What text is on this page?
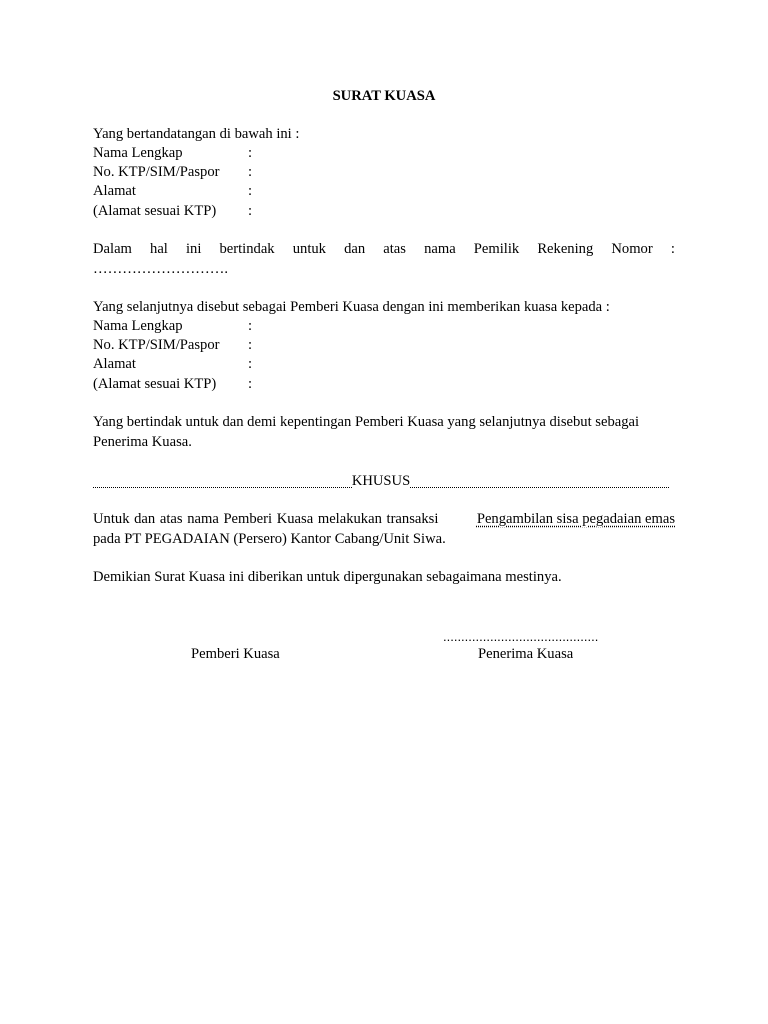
SURAT KUASA
Yang bertandatangan di bawah ini :
Nama Lengkap	:
No. KTP/SIM/Paspor :
Alamat	:
(Alamat sesuai KTP) :
Dalam hal ini bertindak untuk dan atas nama Pemilik Rekening Nomor :
……………………….
Yang selanjutnya disebut sebagai Pemberi Kuasa dengan ini memberikan kuasa kepada :
Nama Lengkap	:
No. KTP/SIM/Paspor :
Alamat	:
(Alamat sesuai KTP) :
Yang bertindak untuk dan demi kepentingan Pemberi Kuasa yang selanjutnya disebut sebagai
Penerima Kuasa.
KHUSUS
Untuk dan atas nama Pemberi Kuasa melakukan transaksi	Pengambilan sisa pegadaian emas
pada PT PEGADAIAN (Persero) Kantor Cabang/Unit Siwa.
Demikian Surat Kuasa ini diberikan untuk dipergunakan sebagaimana mestinya.
...........................................
Pemberi Kuasa	Penerima Kuasa
